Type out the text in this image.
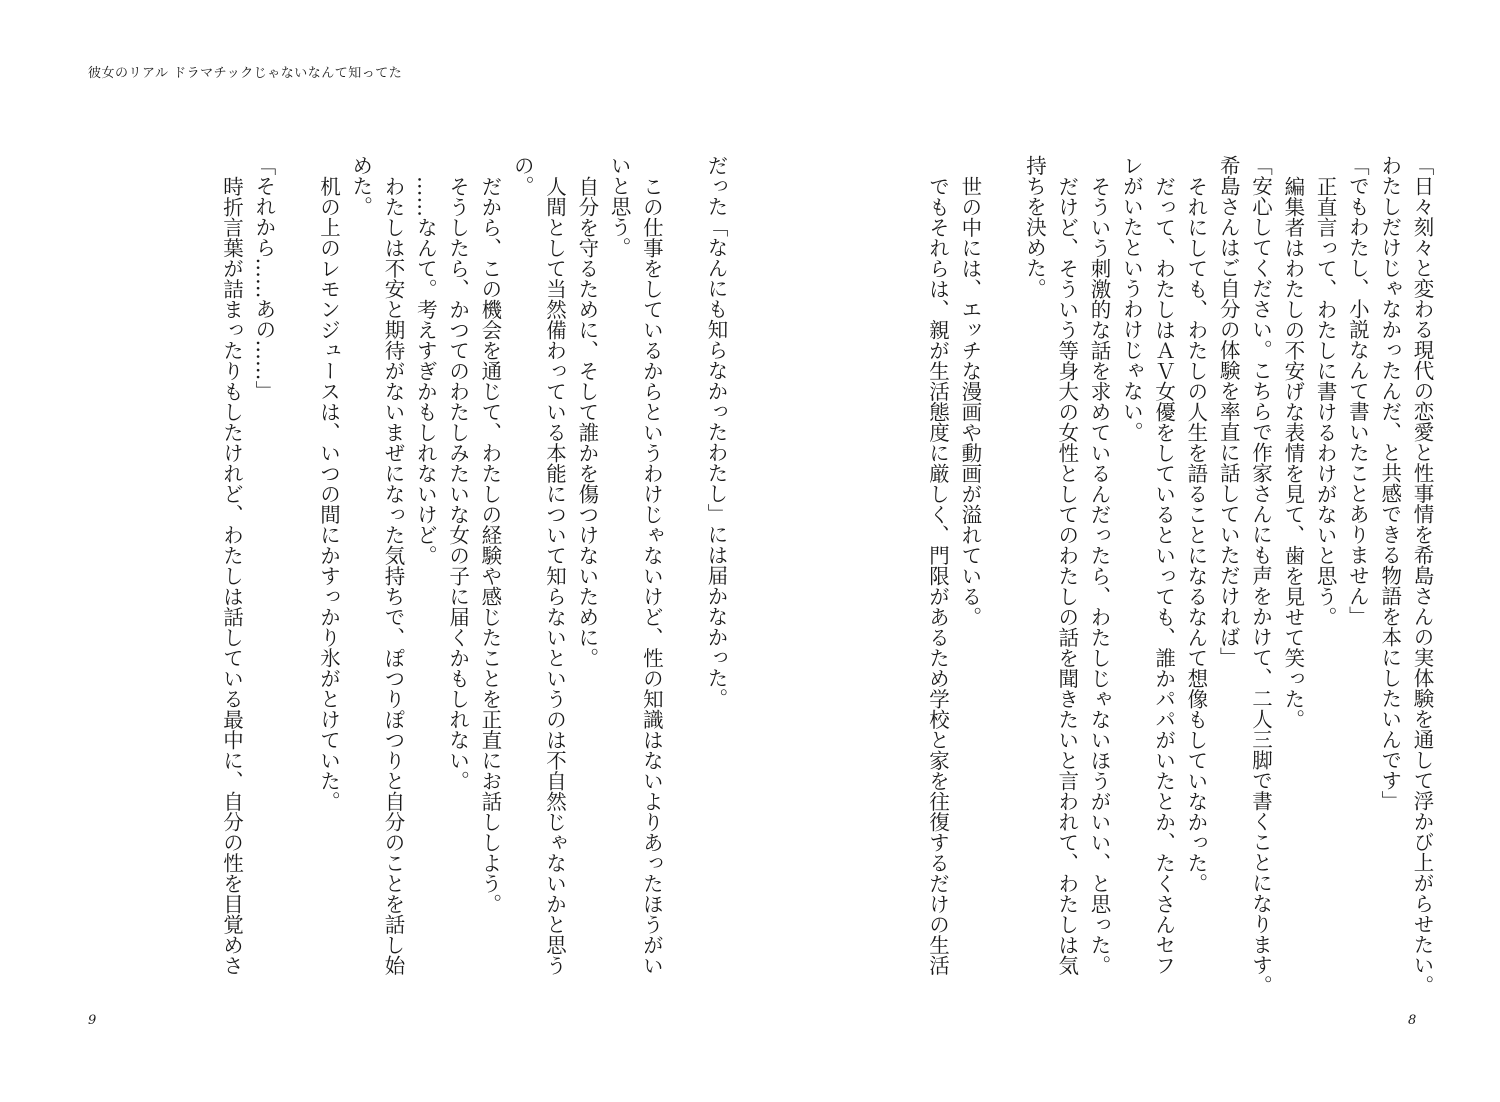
彼女のリアル ドラマチックじゃないなんて知ってた

「日々刻々と変わる現代の恋愛と性事情を希島さんの実体験を通して浮かび上がらせたい。

わたしだけじゃなかったんだ、と共感できる物語を本にしたいんです」

「でもわたし、小説なんて書いたことありません」

正直言って、わたしに書けるわけがないと思う。

編集者はわたしの不安げな表情を見て、歯を見せて笑った。

「安心してください。こちらで作家さんにも声をかけて、二人三脚で書くことになります。

希島さんはご自分の体験を率直に話していただければ」

それにしても、わたしの人生を語ることになるなんて想像もしていなかった。

だって、わたしはＡＶ女優をしているといっても、誰かパパがいたとか、たくさんセフ

レがいたというわけじゃない。

そういう刺激的な話を求めているんだったら、わたしじゃないほうがいい、と思った。

だけど、そういう等身大の女性としてのわたしの話を聞きたいと言われて、わたしは気

持ちを決めた。

世の中には、エッチな漫画や動画が溢れている。

でもそれらは、親が生活態度に厳しく、門限があるため学校と家を往復するだけの生活

だった「なんにも知らなかったわたし」には届かなかった。

この仕事をしているからというわけじゃないけど、性の知識はないよりあったほうがい

いと思う。

自分を守るために、そして誰かを傷つけないために。

人間として当然備わっている本能について知らないというのは不自然じゃないかと思う

の。

だから、この機会を通じて、わたしの経験や感じたことを正直にお話ししよう。

そうしたら、かつてのわたしみたいな女の子に届くかもしれない。

……なんて。考えすぎかもしれないけど。

わたしは不安と期待がないまぜになった気持ちで、ぽつりぽつりと自分のことを話し始

めた。

机の上のレモンジュースは、いつの間にかすっかり氷がとけていた。

「それから……あの……」

時折言葉が詰まったりもしたけれど、わたしは話している最中に、自分の性を目覚めさ

9	8
